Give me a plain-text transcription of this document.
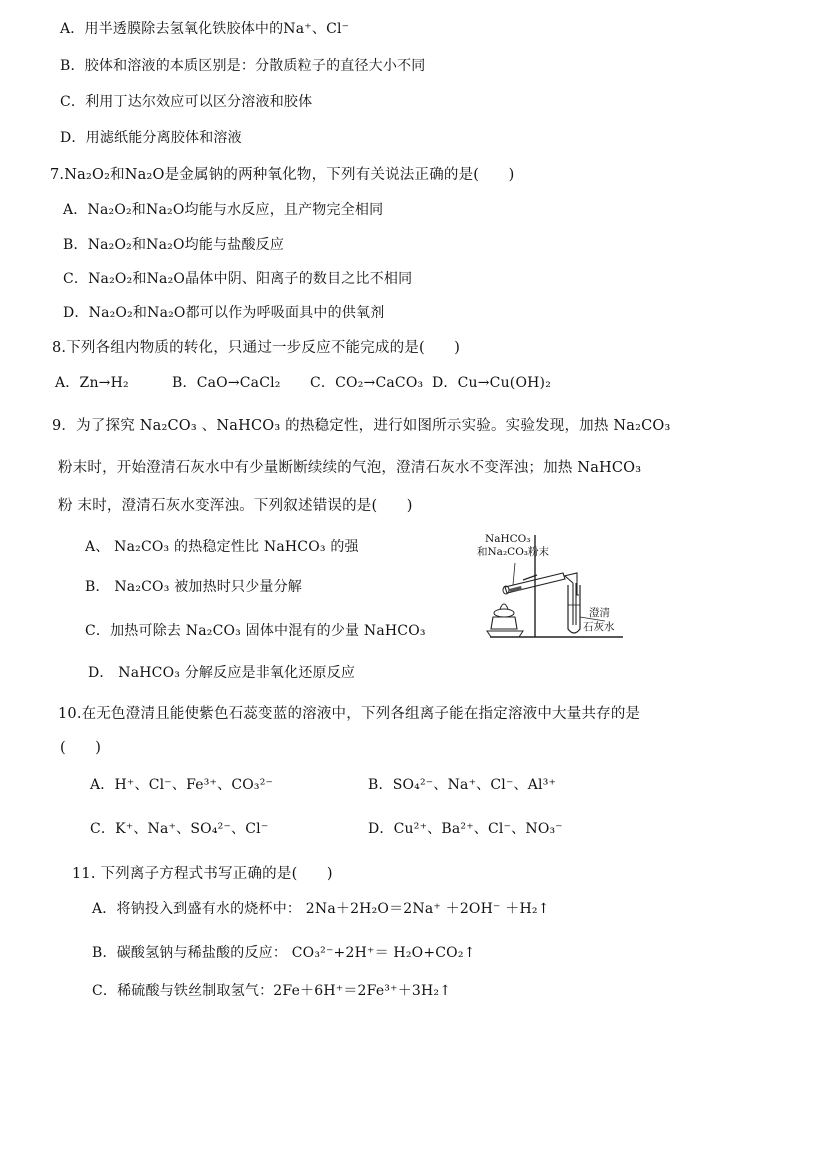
A．用半透膜除去氢氧化铁胶体中的Na⁺、Cl⁻
B．胶体和溶液的本质区别是：分散质粒子的直径大小不同
C．利用丁达尔效应可以区分溶液和胶体
D．用滤纸能分离胶体和溶液
7.Na₂O₂和Na₂O是金属钠的两种氧化物，下列有关说法正确的是(　　)
A．Na₂O₂和Na₂O均能与水反应，且产物完全相同
B．Na₂O₂和Na₂O均能与盐酸反应
C．Na₂O₂和Na₂O晶体中阴、阳离子的数目之比不相同
D．Na₂O₂和Na₂O都可以作为呼吸面具中的供氧剂
8.下列各组内物质的转化，只通过一步反应不能完成的是(　　)
A．Zn→H₂	B．CaO→CaCl₂ C．CO₂→CaCO₃ D．Cu→Cu(OH)₂
9．为了探究 Na₂CO₃ 、NaHCO₃ 的热稳定性，进行如图所示实验。实验发现，加热 Na₂CO₃
粉末时，开始澄清石灰水中有少量断断续续的气泡，澄清石灰水不变浑浊；加热 NaHCO₃
粉 末时，澄清石灰水变浑浊。下列叙述错误的是(　　)
A、 Na₂CO₃ 的热稳定性比 NaHCO₃ 的强
B． Na₂CO₃ 被加热时只少量分解
C．加热可除去 Na₂CO₃ 固体中混有的少量 NaHCO₃
D． NaHCO₃ 分解反应是非氧化还原反应
NaHCO₃
和Na₂CO₃粉末
澄清
石灰水
10.在无色澄清且能使紫色石蕊变蓝的溶液中，下列各组离子能在指定溶液中大量共存的是
(　　)
A．H⁺、Cl⁻、Fe³⁺、CO₃²⁻	B．SO₄²⁻、Na⁺、Cl⁻、Al³⁺
C．K⁺、Na⁺、SO₄²⁻、Cl⁻	D．Cu²⁺、Ba²⁺、Cl⁻、NO₃⁻
11. 下列离子方程式书写正确的是(　　)
A．将钠投入到盛有水的烧杯中： 2Na＋2H₂O＝2Na⁺ ＋2OH⁻ ＋H₂↑
B．碳酸氢钠与稀盐酸的反应： CO₃²⁻+2H⁺＝ H₂O+CO₂↑
C．稀硫酸与铁丝制取氢气：2Fe＋6H⁺＝2Fe³⁺＋3H₂↑
